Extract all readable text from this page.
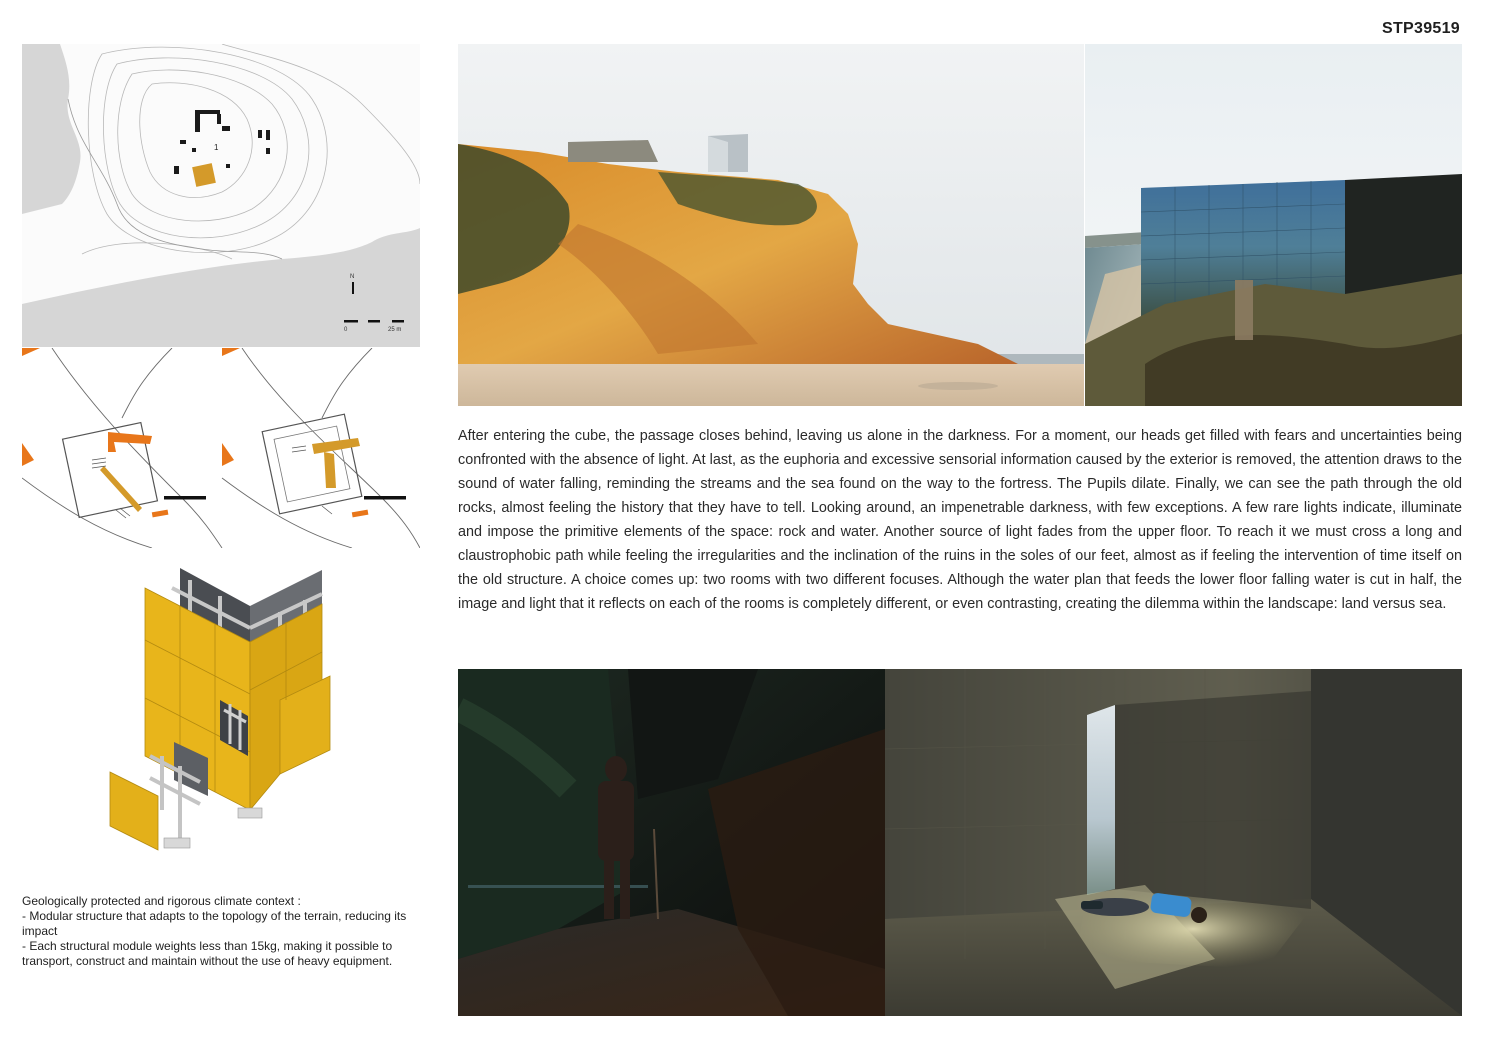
STP39519
1
N
0	25 m

Geologically protected and rigorous climate context :

- Modular structure that adapts to the topology of the terrain, reducing its impact

- Each structural module weights less than 15kg, making it possible to transport, construct and maintain without the use of heavy equipment.

After entering the cube, the passage closes behind, leaving us alone in the darkness. For a moment, our heads get filled with fears and uncertainties being confronted with the absence of light. At last, as the euphoria and excessive sensorial information caused by the exterior is removed, the attention draws to the sound of water falling, reminding the streams and the sea found on the way to the fortress. The Pupils dilate. Finally, we can see the path through the old rocks, almost feeling the history that they have to tell. Looking around, an impenetrable darkness, with few exceptions. A few rare lights indicate, illuminate and impose the primitive elements of the space: rock and water. Another source of light fades from the upper floor. To reach it we must cross a long and claustrophobic path while feeling the irregularities and the inclination of the ruins in the soles of our feet, almost as if feeling the intervention of time itself on the old structure. A choice comes up: two rooms with two different focuses. Although the water plan that feeds the lower floor falling water is cut in half, the image and light that it reflects on each of the rooms is completely different, or even contrasting, creating the dilemma within the landscape: land versus sea.
